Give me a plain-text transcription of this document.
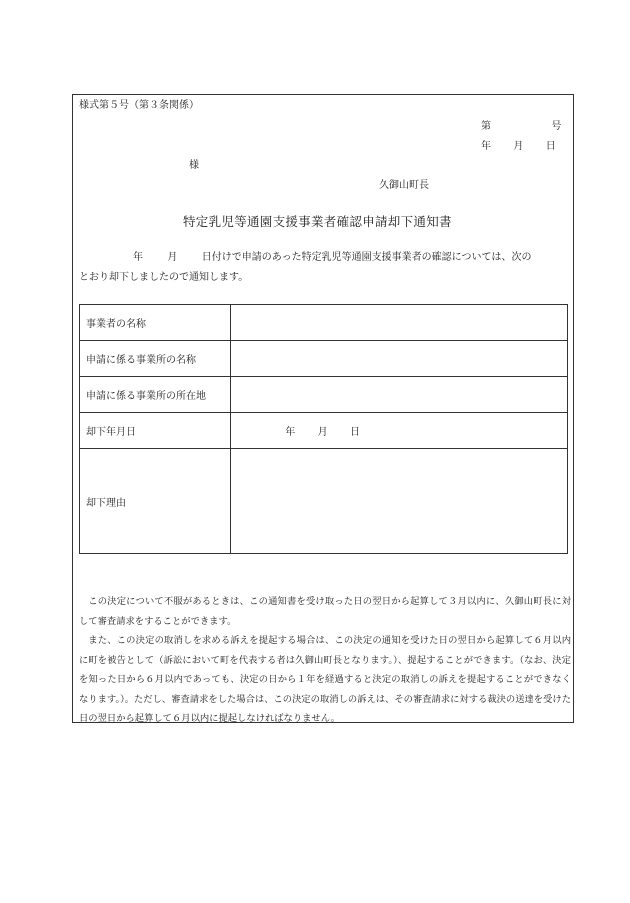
様式第５号（第３条関係）
第	号
年 月 日
様
久御山町長
特定乳児等通園支援事業者確認申請却下通知書
年 月 日付けで申請のあった特定乳児等通園支援事業者の確認については、次の
とおり却下しましたので通知します。
事業者の名称	
申請に係る事業所の名称	
申請に係る事業所の所在地	
却下年月日	年 月 日
却下理由	

この決定について不服があるときは、この通知書を受け取った日の翌日から起算して３月以内に、久御山町長に対して審査請求をすることができます。

また、この決定の取消しを求める訴えを提起する場合は、この決定の通知を受けた日の翌日から起算して６月以内に町を被告として（訴訟において町を代表する者は久御山町長となります。）、提起することができます。（なお、決定を知った日から６月以内であっても、決定の日から１年を経過すると決定の取消しの訴えを提起することができなくなります。）。ただし、審査請求をした場合は、この決定の取消しの訴えは、その審査請求に対する裁決の送達を受けた日の翌日から起算して６月以内に提起しなければなりません。
